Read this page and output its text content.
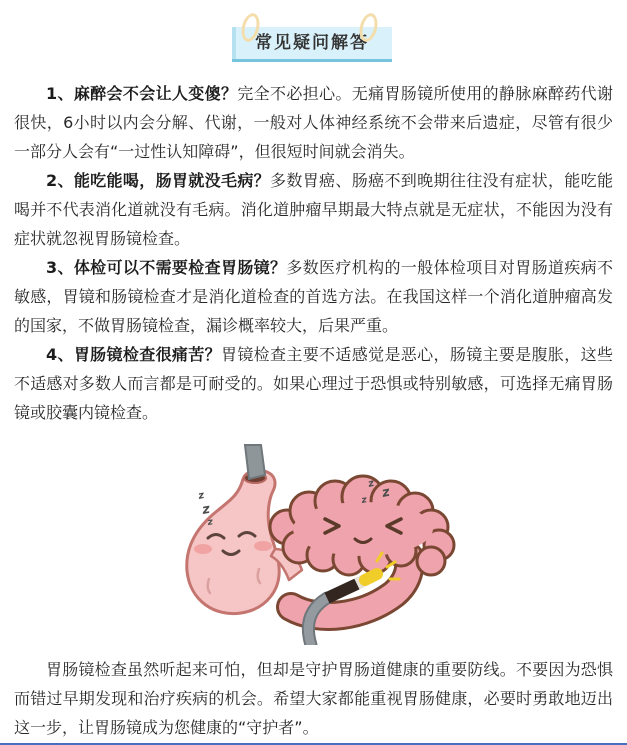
常见疑问解答

1、麻醉会不会让人变傻？完全不必担心。无痛胃肠镜所使用的静脉麻醉药代谢很快，6小时以内会分解、代谢，一般对人体神经系统不会带来后遗症，尽管有很少一部分人会有“一过性认知障碍”，但很短时间就会消失。

2、能吃能喝，肠胃就没毛病？多数胃癌、肠癌不到晚期往往没有症状，能吃能喝并不代表消化道就没有毛病。消化道肿瘤早期最大特点就是无症状，不能因为没有症状就忽视胃肠镜检查。

3、体检可以不需要检查胃肠镜？多数医疗机构的一般体检项目对胃肠道疾病不敏感，胃镜和肠镜检查才是消化道检查的首选方法。在我国这样一个消化道肿瘤高发的国家，不做胃肠镜检查，漏诊概率较大，后果严重。

4、胃肠镜检查很痛苦？胃镜检查主要不适感觉是恶心，肠镜主要是腹胀，这些不适感对多数人而言都是可耐受的。如果心理过于恐惧或特别敏感，可选择无痛胃肠镜或胶囊内镜检查。

z
z
z
z
z
z

胃肠镜检查虽然听起来可怕，但却是守护胃肠道健康的重要防线。不要因为恐惧而错过早期发现和治疗疾病的机会。希望大家都能重视胃肠健康，必要时勇敢地迈出这一步，让胃肠镜成为您健康的“守护者”。
